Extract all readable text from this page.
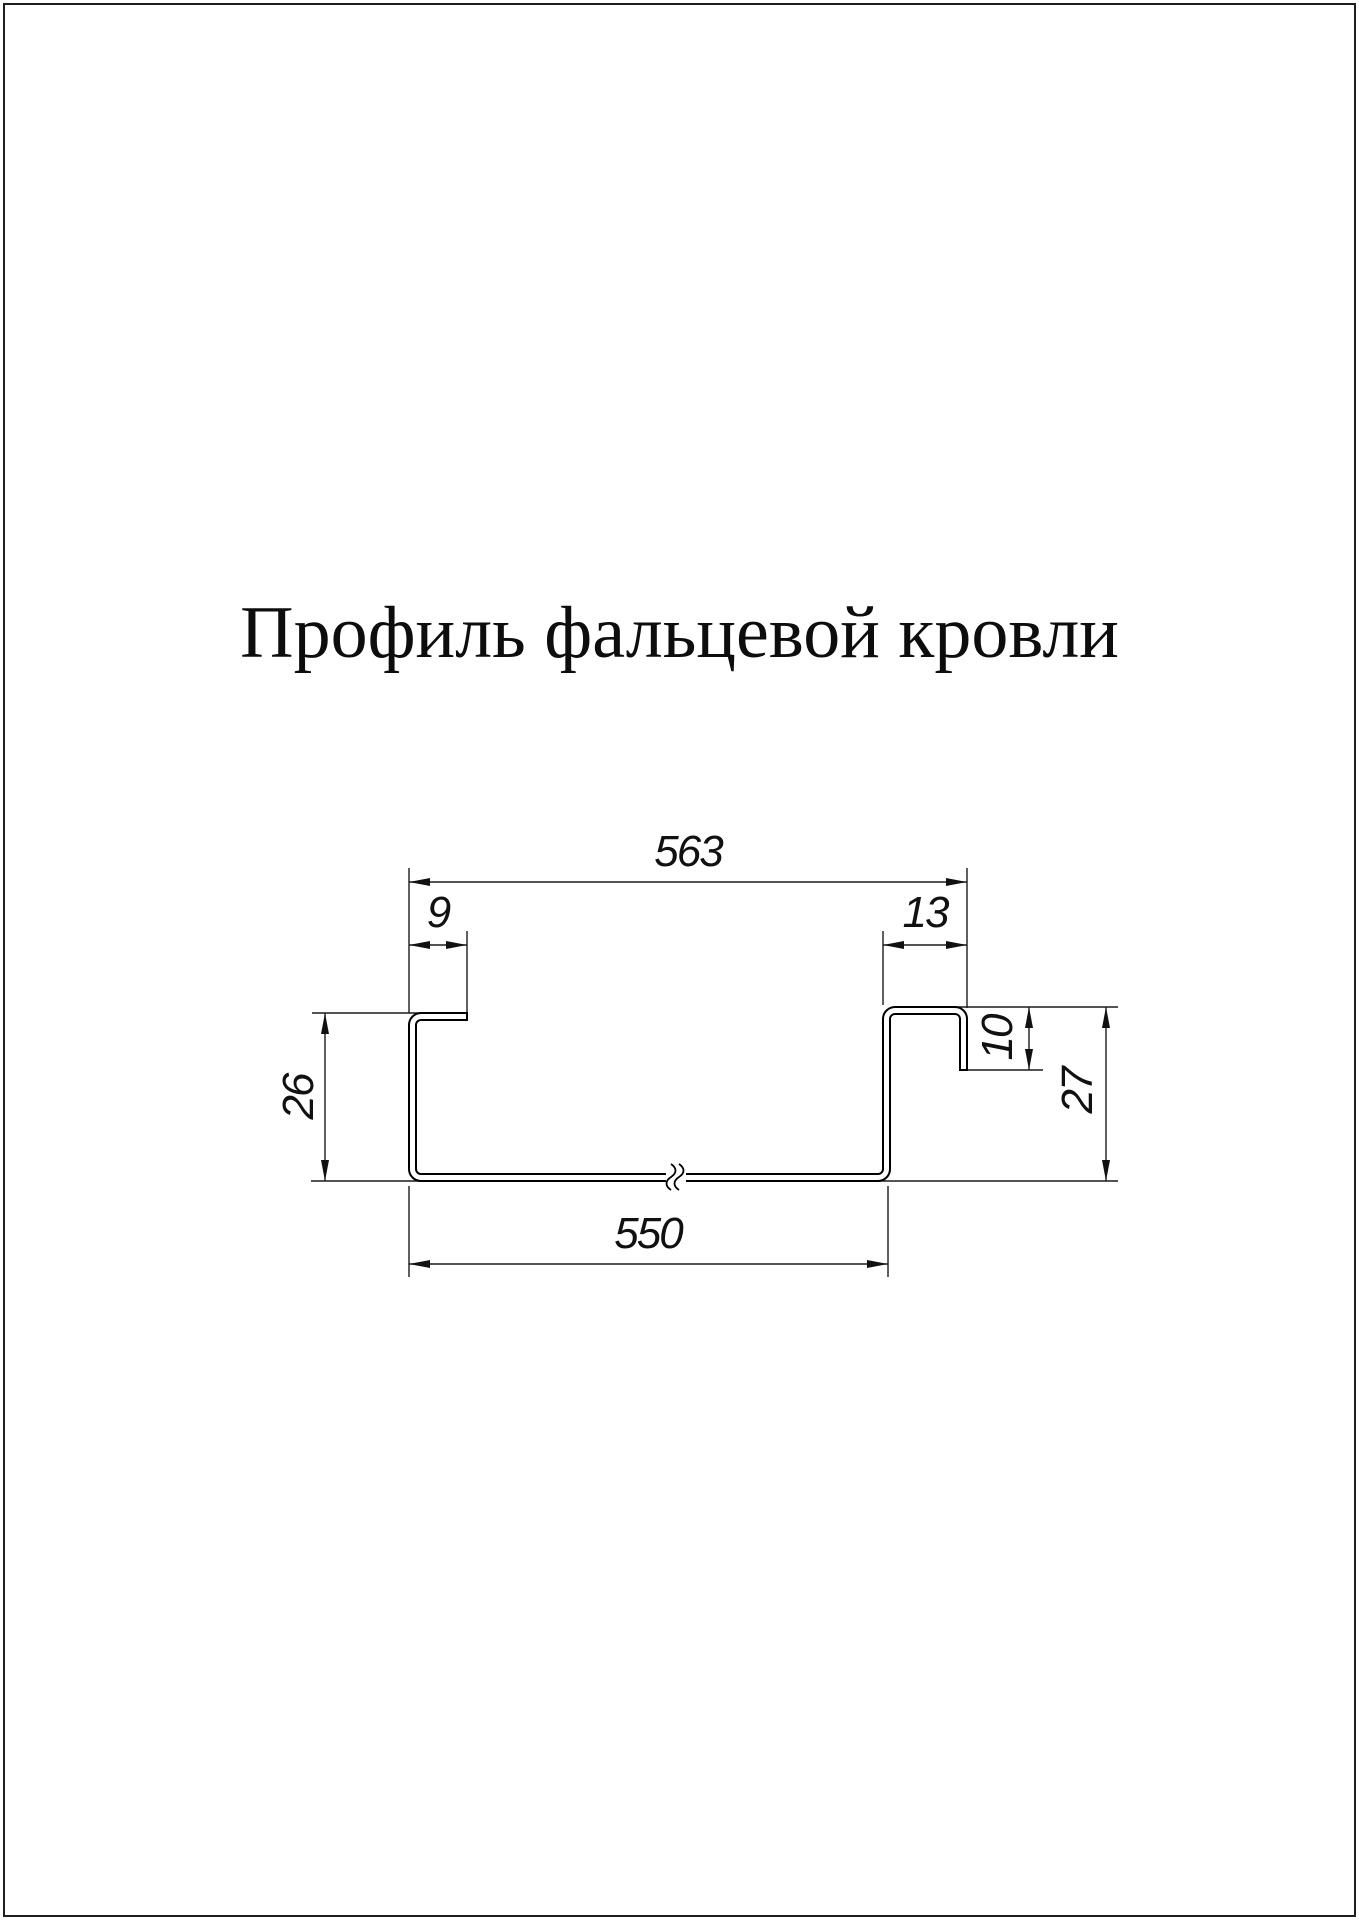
Профиль фальцевой кровли
563
9	13
26
10
27
550
